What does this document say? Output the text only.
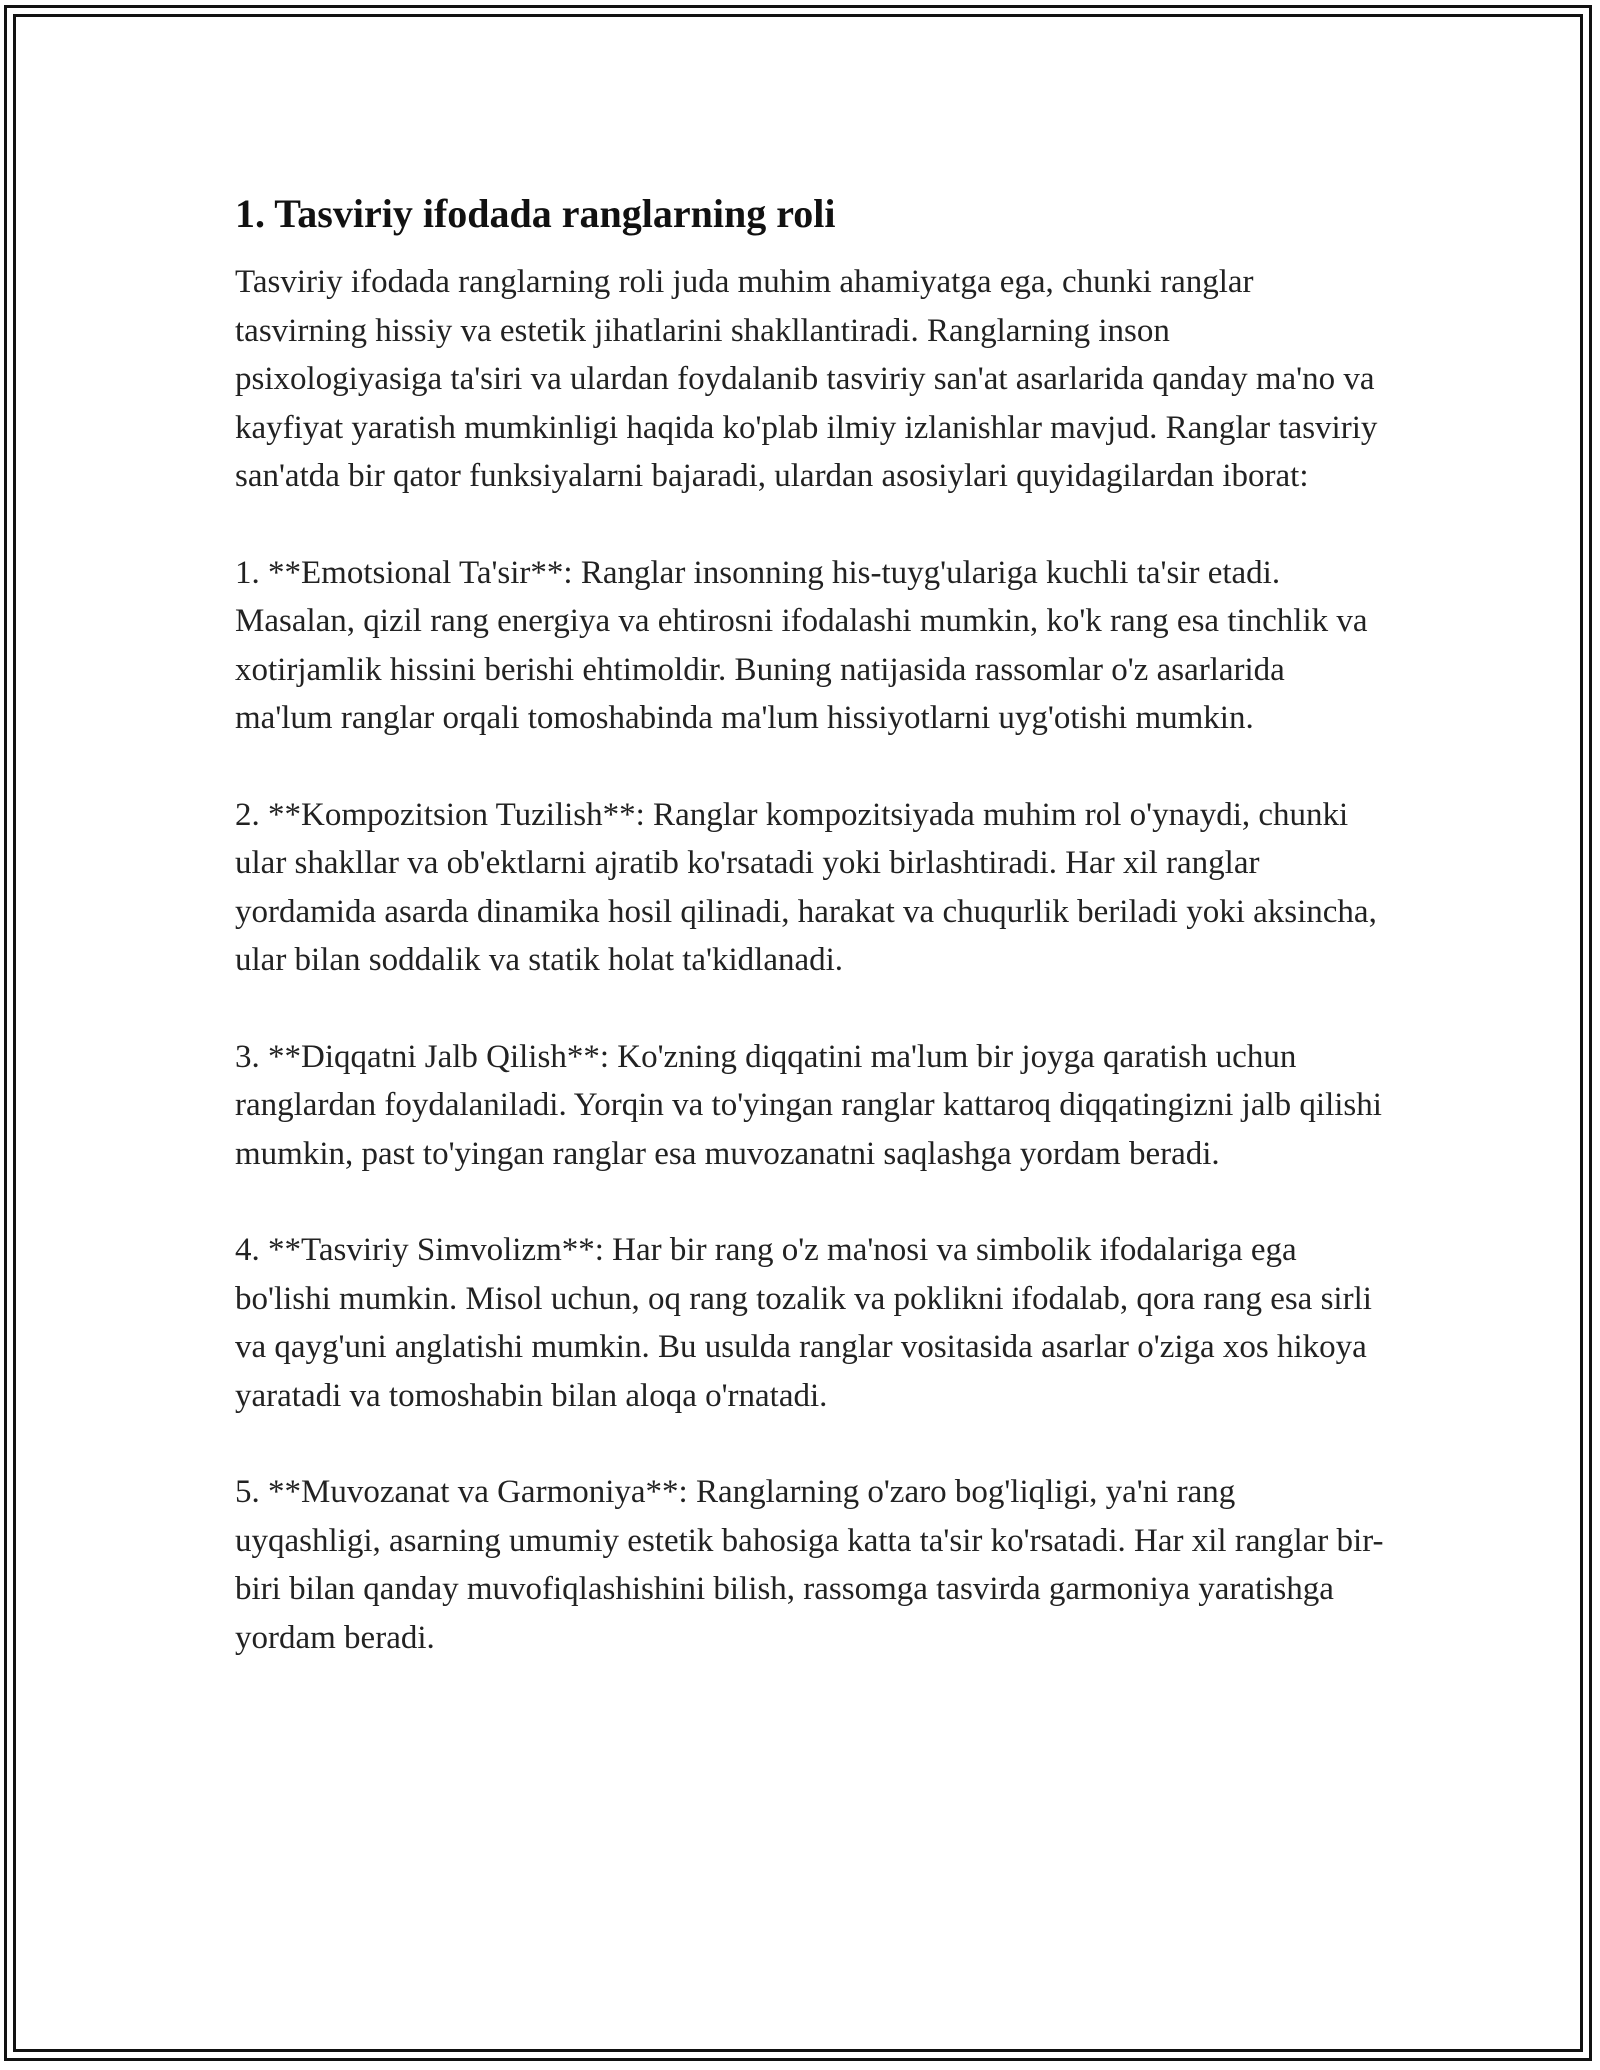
1. Tasviriy ifodada ranglarning roli

Tasviriy ifodada ranglarning roli juda muhim ahamiyatga ega, chunki ranglar tasvirning hissiy va estetik jihatlarini shakllantiradi. Ranglarning inson psixologiyasiga ta'siri va ulardan foydalanib tasviriy san'at asarlarida qanday ma'no va kayfiyat yaratish mumkinligi haqida ko'plab ilmiy izlanishlar mavjud. Ranglar tasviriy san'atda bir qator funksiyalarni bajaradi, ulardan asosiylari quyidagilardan iborat:

1. **Emotsional Ta'sir**: Ranglar insonning his-tuyg'ulariga kuchli ta'sir etadi. Masalan, qizil rang energiya va ehtirosni ifodalashi mumkin, ko'k rang esa tinchlik va xotirjamlik hissini berishi ehtimoldir. Buning natijasida rassomlar o'z asarlarida ma'lum ranglar orqali tomoshabinda ma'lum hissiyotlarni uyg'otishi mumkin.

2. **Kompozitsion Tuzilish**: Ranglar kompozitsiyada muhim rol o'ynaydi, chunki ular shakllar va ob'ektlarni ajratib ko'rsatadi yoki birlashtiradi. Har xil ranglar yordamida asarda dinamika hosil qilinadi, harakat va chuqurlik beriladi yoki aksincha, ular bilan soddalik va statik holat ta'kidlanadi.

3. **Diqqatni Jalb Qilish**: Ko'zning diqqatini ma'lum bir joyga qaratish uchun ranglardan foydalaniladi. Yorqin va to'yingan ranglar kattaroq diqqatingizni jalb qilishi mumkin, past to'yingan ranglar esa muvozanatni saqlashga yordam beradi.

4. **Tasviriy Simvolizm**: Har bir rang o'z ma'nosi va simbolik ifodalariga ega bo'lishi mumkin. Misol uchun, oq rang tozalik va poklikni ifodalab, qora rang esa sirli va qayg'uni anglatishi mumkin. Bu usulda ranglar vositasida asarlar o'ziga xos hikoya yaratadi va tomoshabin bilan aloqa o'rnatadi.

5. **Muvozanat va Garmoniya**: Ranglarning o'zaro bog'liqligi, ya'ni rang uyqashligi, asarning umumiy estetik bahosiga katta ta'sir ko'rsatadi. Har xil ranglar bir-biri bilan qanday muvofiqlashishini bilish, rassomga tasvirda garmoniya yaratishga yordam beradi.
